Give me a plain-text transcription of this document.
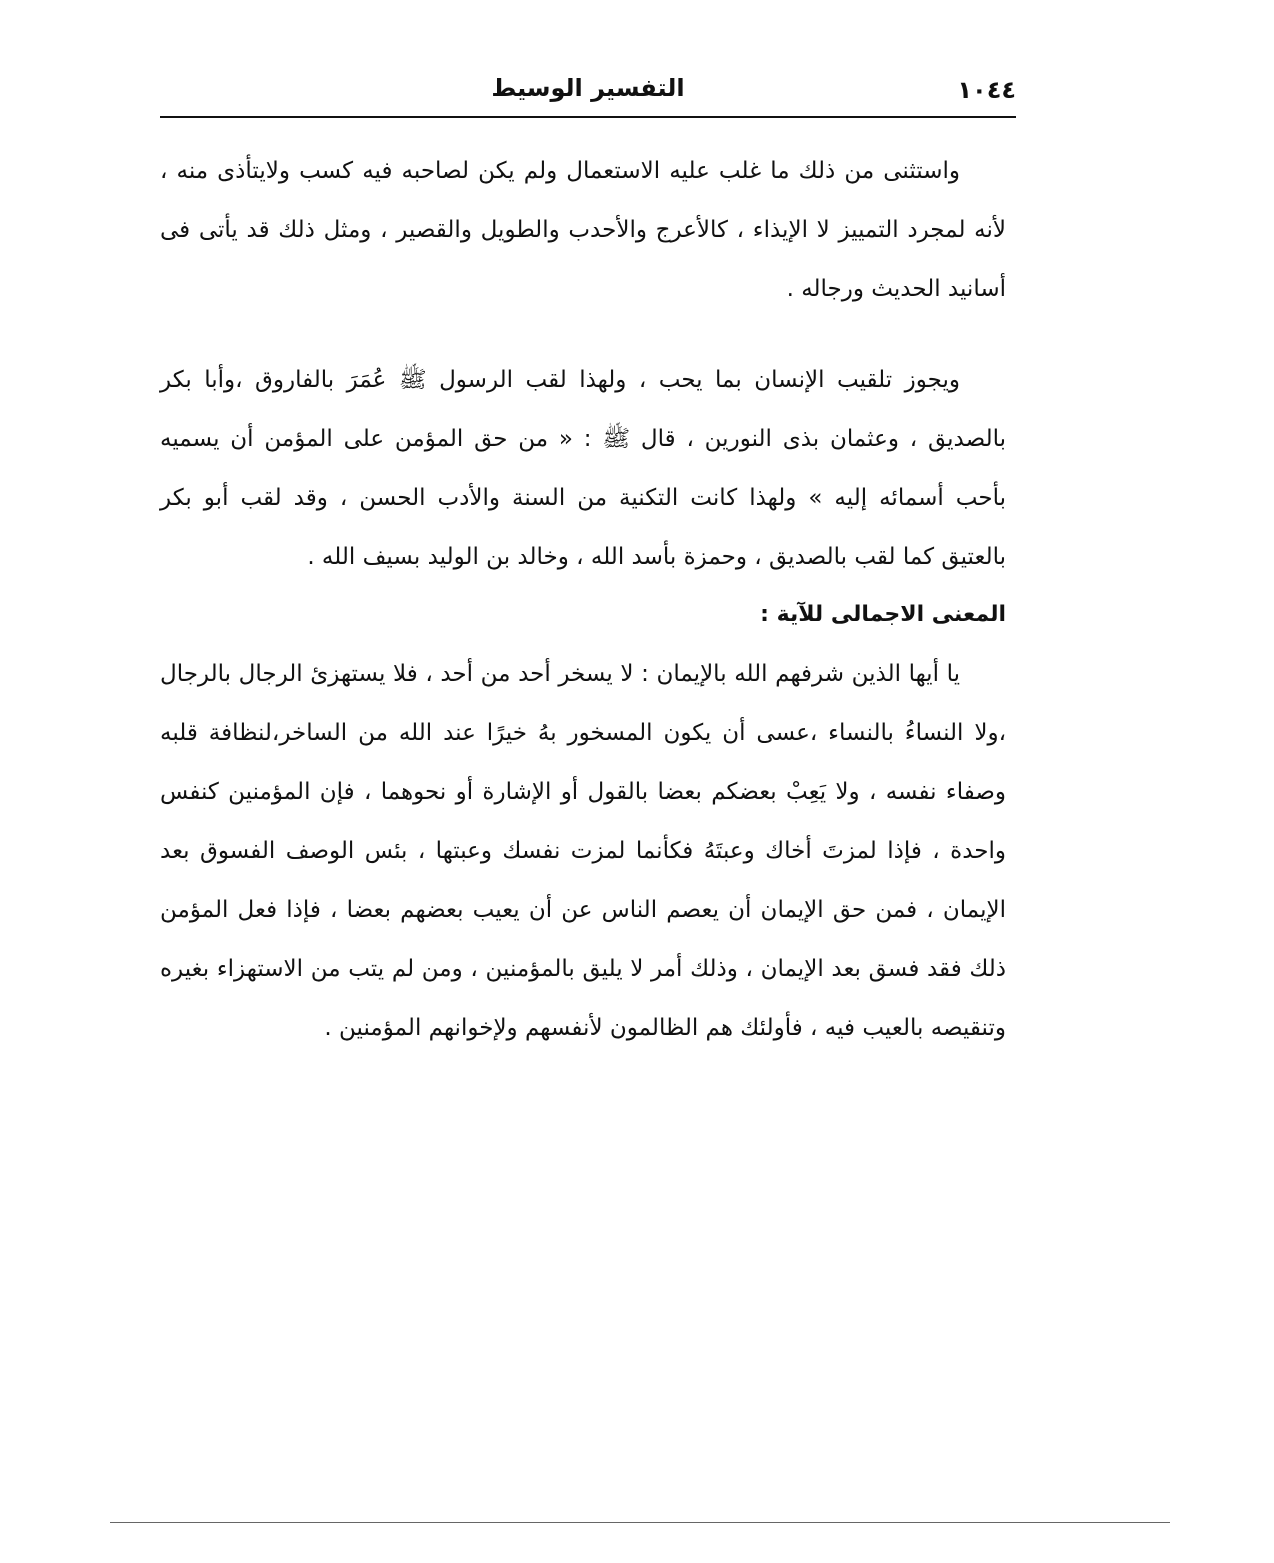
١٠٤٤
التفسير الوسيط

واستثنى من ذلك ما غلب عليه الاستعمال ولم يكن لصاحبه فيه كسب ولايتأذى منه ، لأنه لمجرد التمييز لا الإيذاء ، كالأعرج والأحدب والطويل والقصير ، ومثل ذلك قد يأتى فى أسانيد الحديث ورجاله .

ويجوز تلقيب الإنسان بما يحب ، ولهذا لقب الرسول ﷺ عُمَرَ بالفاروق ،وأبا بكر بالصديق ، وعثمان بذى النورين ، قال ﷺ : « من حق المؤمن على المؤمن أن يسميه بأحب أسمائه إليه » ولهذا كانت التكنية من السنة والأدب الحسن ، وقد لقب أبو بكر بالعتيق كما لقب بالصديق ، وحمزة بأسد الله ، وخالد بن الوليد بسيف الله .

المعنى الاجمالى للآية :

يا أيها الذين شرفهم الله بالإيمان : لا يسخر أحد من أحد ، فلا يستهزئ الرجال بالرجال ،ولا النساءُ بالنساء ،عسى أن يكون المسخور بهُ خيرًا عند الله من الساخر،لنظافة قلبه وصفاء نفسه ، ولا يَعِبْ بعضكم بعضا بالقول أو الإشارة أو نحوهما ، فإن المؤمنين كنفس واحدة ، فإذا لمزتَ أخاك وعبتَهُ فكأنما لمزت نفسك وعبتها ، بئس الوصف الفسوق بعد الإيمان ، فمن حق الإيمان أن يعصم الناس عن أن يعيب بعضهم بعضا ، فإذا فعل المؤمن ذلك فقد فسق بعد الإيمان ، وذلك أمر لا يليق بالمؤمنين ، ومن لم يتب من الاستهزاء بغيره وتنقيصه بالعيب فيه ، فأولئك هم الظالمون لأنفسهم ولإخوانهم المؤمنين .
